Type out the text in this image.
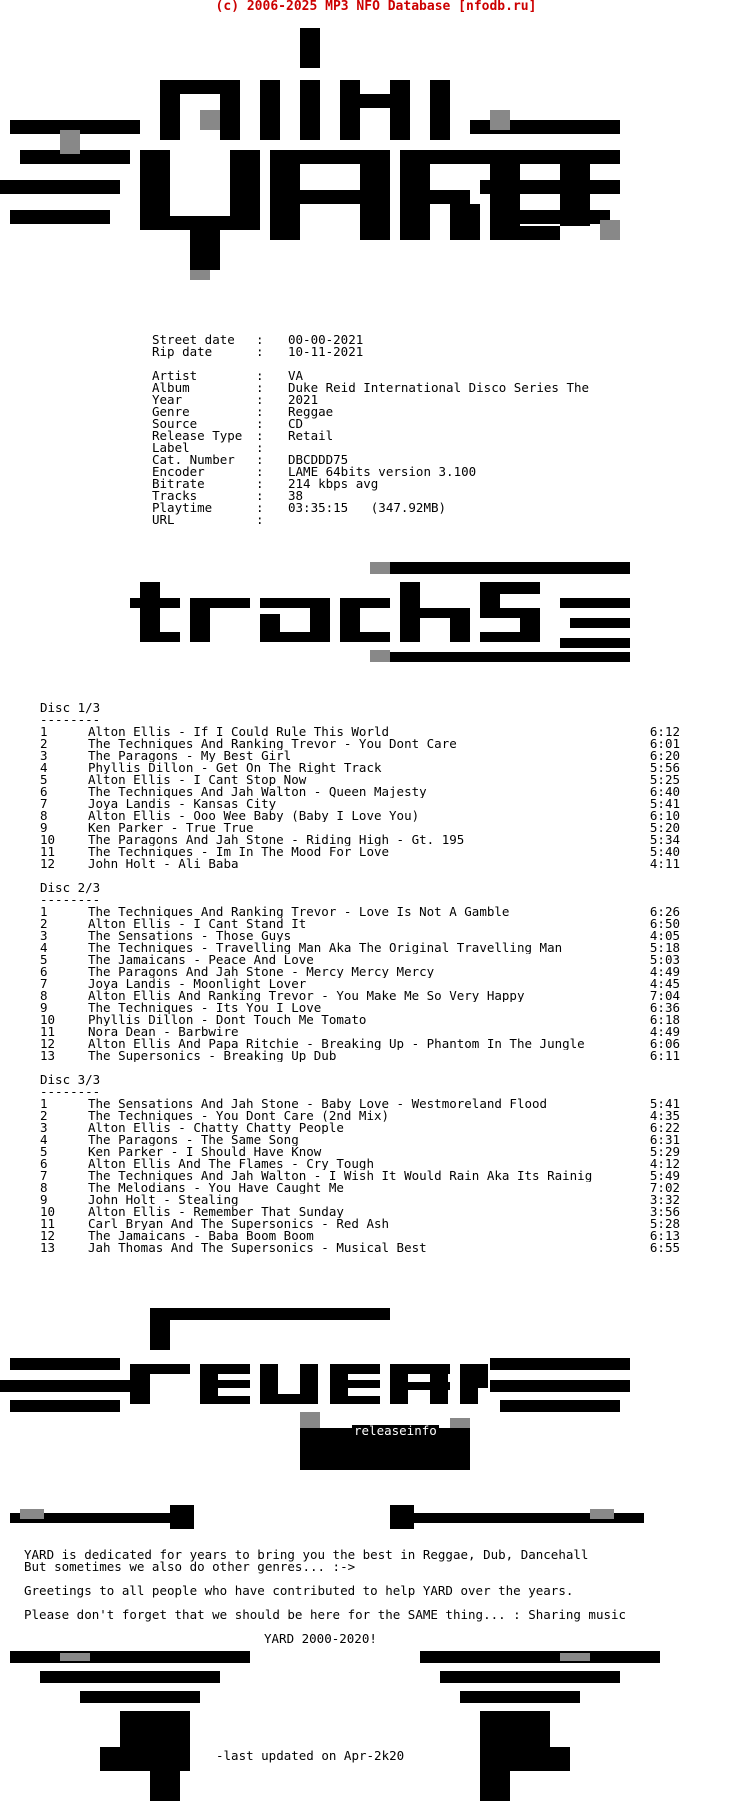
(c) 2006-2025 MP3 NFO Database [nfodb.ru]
Street date	:	00-00-2021
Rip date	:	10-11-2021
Artist	:	VA
Album	:	Duke Reid International Disco Series The
Year	:	2021
Genre	:	Reggae
Source	:	CD
Release Type	:	Retail
Label	:
Cat. Number	:	DBCDDD75
Encoder	:	LAME 64bits version 3.100
Bitrate	:	214 kbps avg
Tracks	:	38
Playtime	:	03:35:15   (347.92MB)
URL	:
Disc 1/3
--------
1	Alton Ellis - If I Could Rule This World	6:12
2	The Techniques And Ranking Trevor - You Dont Care	6:01
3	The Paragons - My Best Girl	6:20
4	Phyllis Dillon - Get On The Right Track	5:56
5	Alton Ellis - I Cant Stop Now	5:25
6	The Techniques And Jah Walton - Queen Majesty	6:40
7	Joya Landis - Kansas City	5:41
8	Alton Ellis - Ooo Wee Baby (Baby I Love You)	6:10
9	Ken Parker - True True	5:20
10	The Paragons And Jah Stone - Riding High - Gt. 195	5:34
11	The Techniques - Im In The Mood For Love	5:40
12	John Holt - Ali Baba	4:11

Disc 2/3
--------
1	The Techniques And Ranking Trevor - Love Is Not A Gamble	6:26
2	Alton Ellis - I Cant Stand It	6:50
3	The Sensations - Those Guys	4:05
4	The Techniques - Travelling Man Aka The Original Travelling Man	5:18
5	The Jamaicans - Peace And Love	5:03
6	The Paragons And Jah Stone - Mercy Mercy Mercy	4:49
7	Joya Landis - Moonlight Lover	4:45
8	Alton Ellis And Ranking Trevor - You Make Me So Very Happy	7:04
9	The Techniques - Its You I Love	6:36
10	Phyllis Dillon - Dont Touch Me Tomato	6:18
11	Nora Dean - Barbwire	4:49
12	Alton Ellis And Papa Ritchie - Breaking Up - Phantom In The Jungle	6:06
13	The Supersonics - Breaking Up Dub	6:11

Disc 3/3
--------
1	The Sensations And Jah Stone - Baby Love - Westmoreland Flood	5:41
2	The Techniques - You Dont Care (2nd Mix)	4:35
3	Alton Ellis - Chatty Chatty People	6:22
4	The Paragons - The Same Song	6:31
5	Ken Parker - I Should Have Know	5:29
6	Alton Ellis And The Flames - Cry Tough	4:12
7	The Techniques And Jah Walton - I Wish It Would Rain Aka Its Rainig	5:49
8	The Melodians - You Have Caught Me	7:02
9	John Holt - Stealing	3:32
10	Alton Ellis - Remember That Sunday	3:56
11	Carl Bryan And The Supersonics - Red Ash	5:28
12	The Jamaicans - Baba Boom Boom	6:13
13	Jah Thomas And The Supersonics - Musical Best	6:55
releaseinfo
YARD is dedicated for years to bring you the best in Reggae, Dub, Dancehall
But sometimes we also do other genres... :->
Greetings to all people who have contributed to help YARD over the years.
Please don't forget that we should be here for the SAME thing... : Sharing music
YARD 2000-2020!
-last updated on Apr-2k20
